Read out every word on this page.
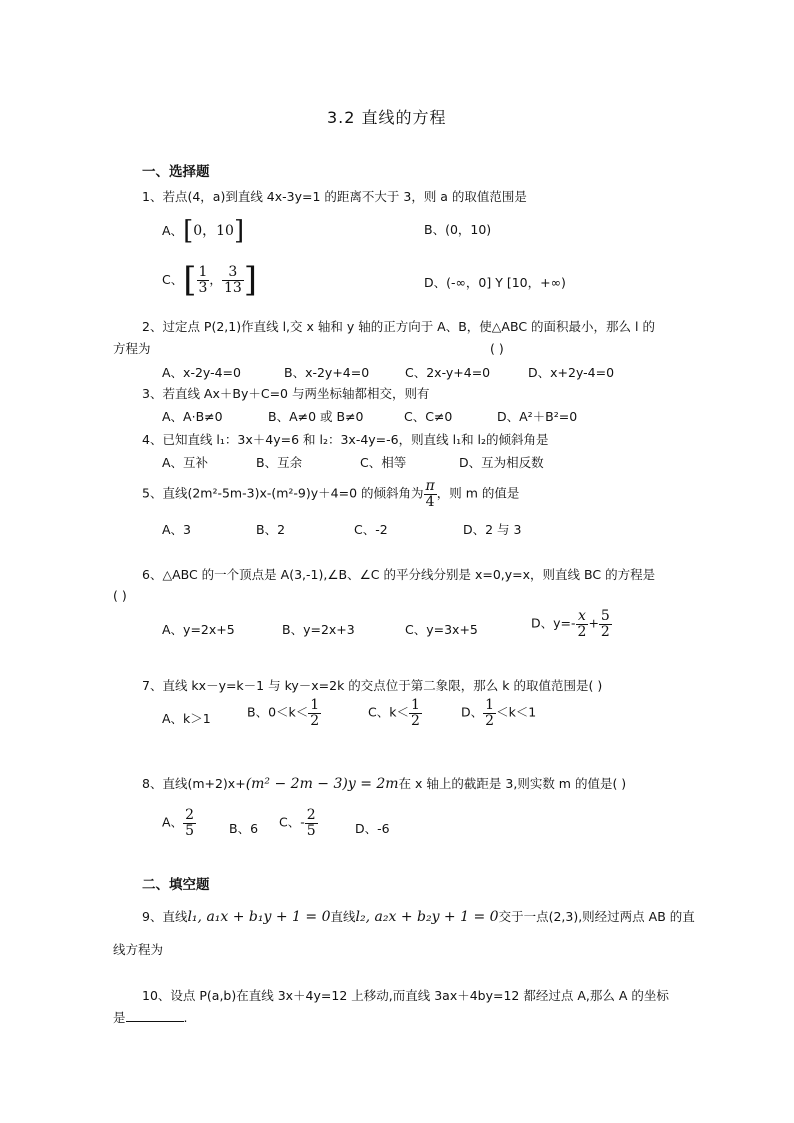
3.2 直线的方程
一、选择题
1、若点(4，a)到直线 4x-3y=1 的距离不大于 3，则 a 的取值范围是
A、[0，10]	B、(0，10)
C、[ $\frac{1}{3}$ ， $\frac{3}{13}$ ]	D、(-∞，0] Y [10，+∞)
2、过定点 P(2,1)作直线 l,交 x 轴和 y 轴的正方向于 A、B，使△ABC 的面积最小，那么 l 的
方程为	( )
A、x-2y-4=0	B、x-2y+4=0	C、2x-y+4=0	D、x+2y-4=0
3、若直线 Ax＋By＋C=0 与两坐标轴都相交，则有
A、A·B≠0	B、A≠0 或 B≠0	C、C≠0	D、A²＋B²=0
4、已知直线 l₁：3x＋4y=6 和 l₂：3x-4y=-6，则直线 l₁和 l₂的倾斜角是
A、互补	B、互余	C、相等	D、互为相反数
5、直线(2m²-5m-3)x-(m²-9)y＋4=0 的倾斜角为 $\frac{\pi}{4}$ ，则 m 的值是
A、3	B、2	C、-2	D、2 与 3
6、△ABC 的一个顶点是 A(3,-1),∠B、∠C 的平分线分别是 x=0,y=x，则直线 BC 的方程是
( )
A、y=2x+5	B、y=2x+3	C、y=3x+5	D、$y=- \frac{x}{2} + \frac{5}{2}$
7、直线 kx－y=k－1 与 ky－x=2k 的交点位于第二象限，那么 k 的取值范围是( )
A、k＞1	B、$0<k< \frac{1}{2}$	C、$k< \frac{1}{2}$	D、 $\frac{1}{2} <k<1$
8、直线(m+2)x+(m² − 2m − 3)y = 2m在 x 轴上的截距是 3,则实数 m 的值是( )
A、 $\frac{2}{5}$	B、6 C、- $\frac{2}{5}$	D、-6
二、填空题
9、直线l₁, a₁x + b₁y + 1 = 0直线l₂, a₂x + b₂y + 1 = 0交于一点(2,3),则经过两点 AB 的直
线方程为
10、设点 P(a,b)在直线 3x＋4y=12 上移动,而直线 3ax＋4by=12 都经过点 A,那么 A 的坐标
是	.
